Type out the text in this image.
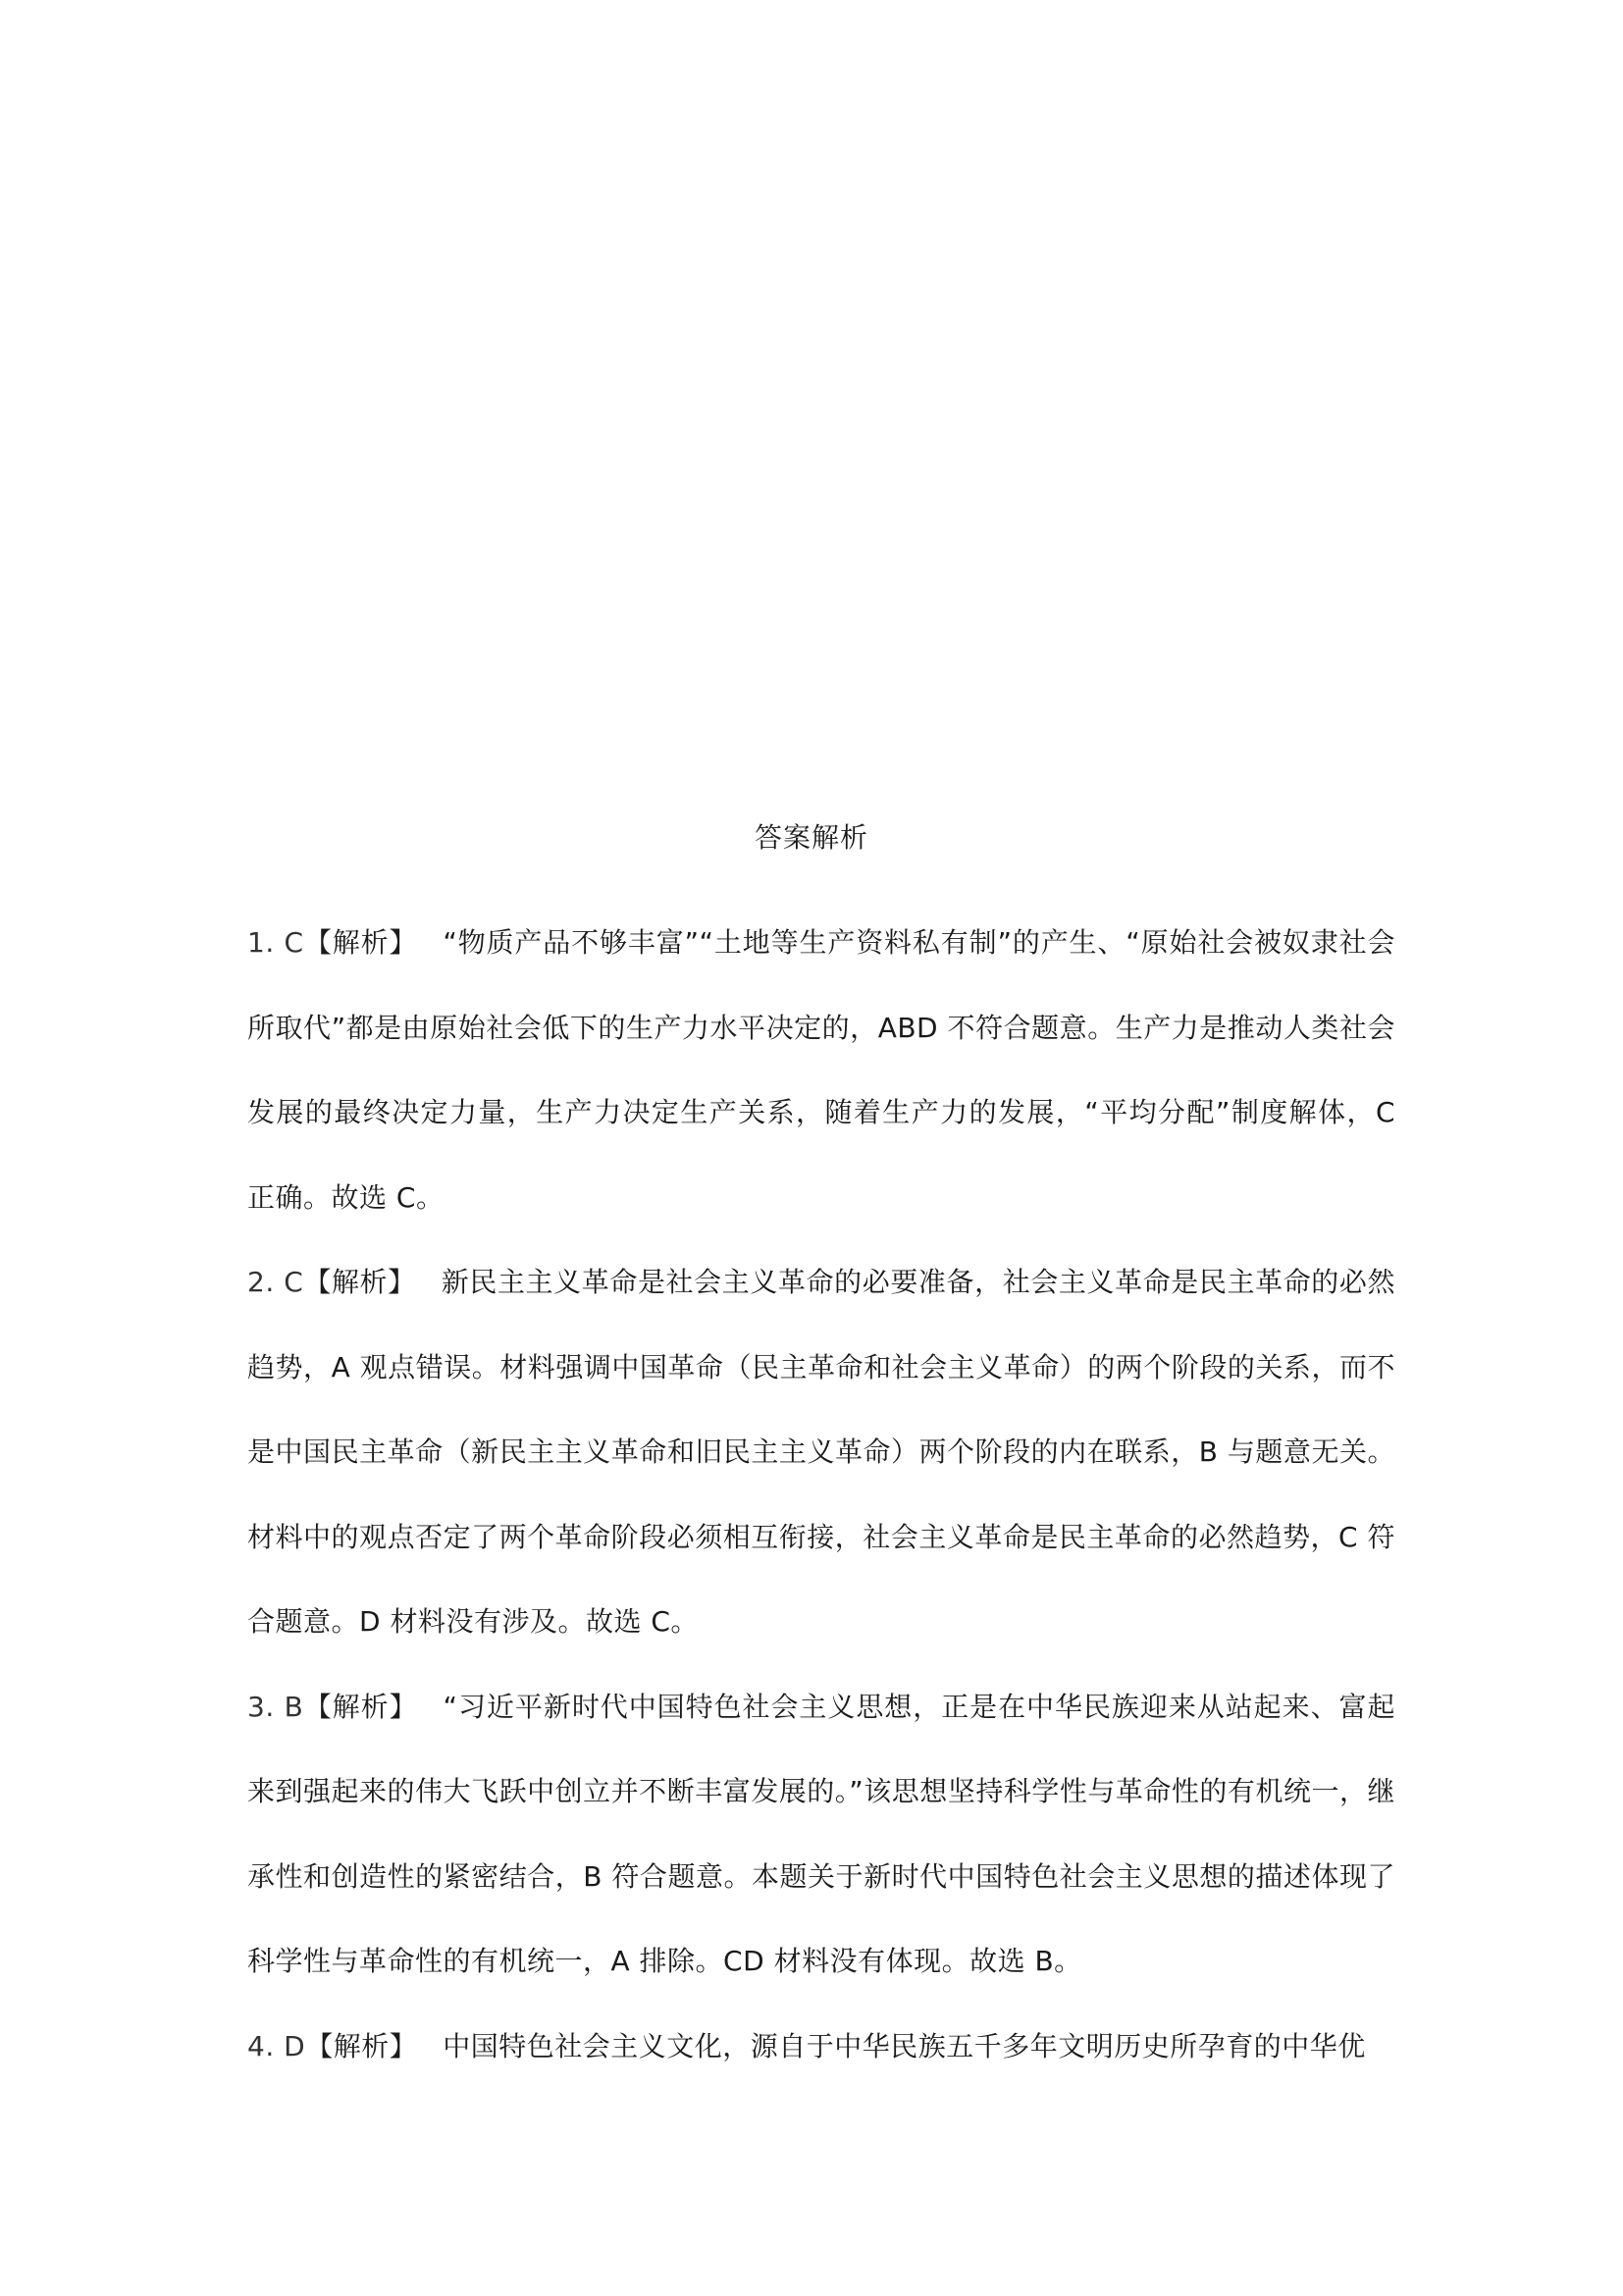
答案解析

1. C【解析】 “物质产品不够丰富”“土地等生产资料私有制”的产生、“原始社会被奴隶社会所取代”都是由原始社会低下的生产力水平决定的，ABD 不符合题意。生产力是推动人类社会发展的最终决定力量，生产力决定生产关系，随着生产力的发展，“平均分配”制度解体，C 正确。故选 C。

2. C【解析】 新民主主义革命是社会主义革命的必要准备，社会主义革命是民主革命的必然趋势，A 观点错误。材料强调中国革命（民主革命和社会主义革命）的两个阶段的关系，而不是中国民主革命（新民主主义革命和旧民主主义革命）两个阶段的内在联系，B 与题意无关。材料中的观点否定了两个革命阶段必须相互衔接，社会主义革命是民主革命的必然趋势，C 符合题意。D 材料没有涉及。故选 C。

3. B【解析】 “习近平新时代中国特色社会主义思想，正是在中华民族迎来从站起来、富起来到强起来的伟大飞跃中创立并不断丰富发展的。”该思想坚持科学性与革命性的有机统一，继承性和创造性的紧密结合，B 符合题意。本题关于新时代中国特色社会主义思想的描述体现了科学性与革命性的有机统一，A 排除。CD 材料没有体现。故选 B。

4. D【解析】 中国特色社会主义文化，源自于中华民族五千多年文明历史所孕育的中华优
